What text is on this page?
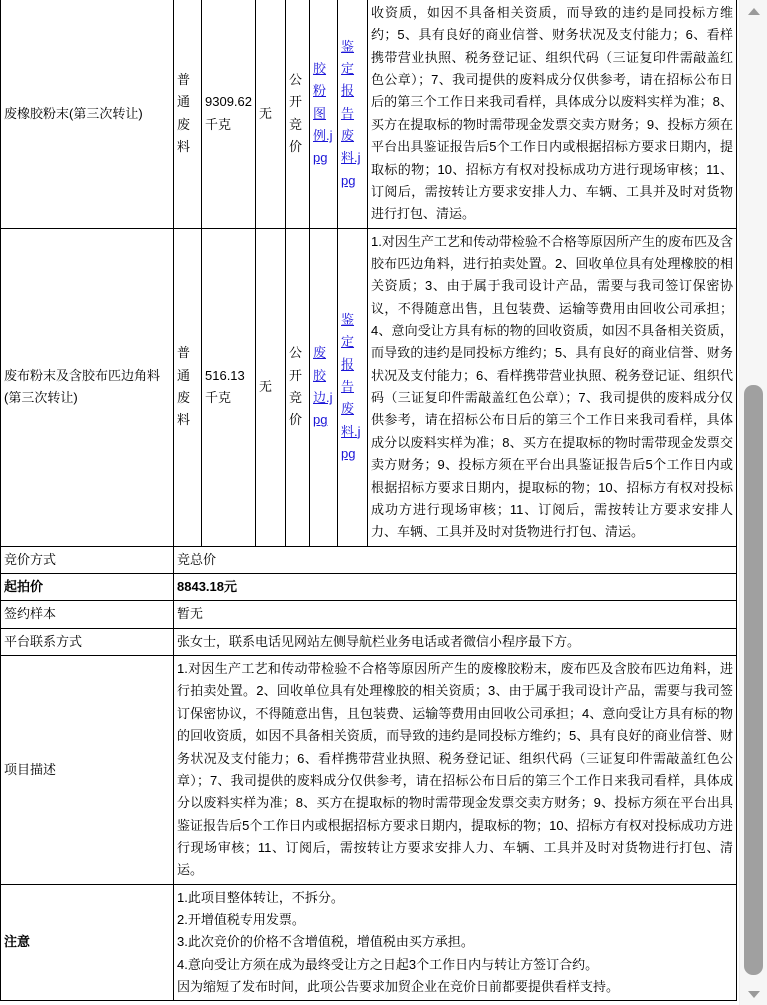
废橡胶粉末(第三次转让)	普通废料	9309.62千克	无	公开竞价	胶粉图例.jpg	鉴定报告废料.jpg	收资质，如因不具备相关资质，而导致的违约是同投标方维约；5、具有良好的商业信誉、财务状况及支付能力；6、看样携带营业执照、税务登记证、组织代码（三证复印件需敲盖红色公章）；7、我司提供的废料成分仅供参考，请在招标公布日后的第三个工作日来我司看样，具体成分以废料实样为准；8、买方在提取标的物时需带现金发票交卖方财务；9、投标方须在平台出具鉴证报告后5个工作日内或根据招标方要求日期内，提取标的物；10、招标方有权对投标成功方进行现场审核；11、订阅后，需按转让方要求安排人力、车辆、工具并及时对货物进行打包、清运。
废布粉末及含胶布匹边角料(第三次转让)	普通废料	516.13千克	无	公开竞价	废胶边.jpg	鉴定报告废料.jpg	1.对因生产工艺和传动带检验不合格等原因所产生的废布匹及含胶布匹边角料，进行拍卖处置。2、回收单位具有处理橡胶的相关资质；3、由于属于我司设计产品，需要与我司签订保密协议，不得随意出售，且包装费、运输等费用由回收公司承担；4、意向受让方具有标的物的回收资质，如因不具备相关资质，而导致的违约是同投标方维约；5、具有良好的商业信誉、财务状况及支付能力；6、看样携带营业执照、税务登记证、组织代码（三证复印件需敲盖红色公章）；7、我司提供的废料成分仅供参考，请在招标公布日后的第三个工作日来我司看样，具体成分以废料实样为准；8、买方在提取标的物时需带现金发票交卖方财务；9、投标方须在平台出具鉴证报告后5个工作日内或根据招标方要求日期内，提取标的物；10、招标方有权对投标成功方进行现场审核；11、订阅后，需按转让方要求安排人力、车辆、工具并及时对货物进行打包、清运。
竞价方式	竞总价						
起拍价	8843.18元						
签约样本	暂无						
平台联系方式	张女士，联系电话见网站左侧导航栏业务电话或者微信小程序最下方。						
项目描述	1.对因生产工艺和传动带检验不合格等原因所产生的废橡胶粉末，废布匹及含胶布匹边角料，进行拍卖处置。2、回收单位具有处理橡胶的相关资质；3、由于属于我司设计产品，需要与我司签订保密协议，不得随意出售，且包装费、运输等费用由回收公司承担；4、意向受让方具有标的物的回收资质，如因不具备相关资质，而导致的违约是同投标方维约；5、具有良好的商业信誉、财务状况及支付能力；6、看样携带营业执照、税务登记证、组织代码（三证复印件需敲盖红色公章）；7、我司提供的废料成分仅供参考，请在招标公布日后的第三个工作日来我司看样，具体成分以废料实样为准；8、买方在提取标的物时需带现金发票交卖方财务；9、投标方须在平台出具鉴证报告后5个工作日内或根据招标方要求日期内，提取标的物；10、招标方有权对投标成功方进行现场审核；11、订阅后，需按转让方要求安排人力、车辆、工具并及时对货物进行打包、清运。						
注意	1.此项目整体转让，不拆分。
2.开增值税专用发票。
3.此次竞价的价格不含增值税，增值税由买方承担。
4.意向受让方须在成为最终受让方之日起3个工作日内与转让方签订合约。
因为缩短了发布时间，此项公告要求加贸企业在竞价日前都要提供看样支持。						
